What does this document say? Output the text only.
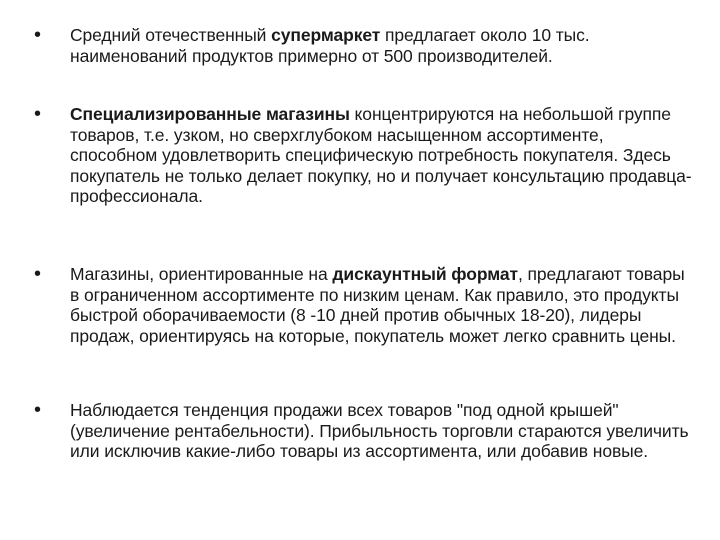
• Средний отечественный супермаркет предлагает около 10 тыс. наименований продуктов примерно от 500 производителей.
• Специализированные магазины концентрируются на небольшой группе товаров, т.е. узком, но сверхглубоком насыщенном ассортименте, способном удовлетворить специфическую потребность покупателя. Здесь покупатель не только делает покупку, но и получает консультацию продавца-профессионала.
• Магазины, ориентированные на дискаунтный формат, предлагают товары в ограниченном ассортименте по низким ценам. Как правило, это продукты быстрой оборачиваемости (8 -10 дней против обычных 18-20), лидеры продаж, ориентируясь на которые, покупатель может легко сравнить цены.
• Наблюдается тенденция продажи всех товаров "под одной крышей" (увеличение рентабельности). Прибыльность торговли стараются увеличить или исключив какие-либо товары из ассортимента, или добавив новые.
